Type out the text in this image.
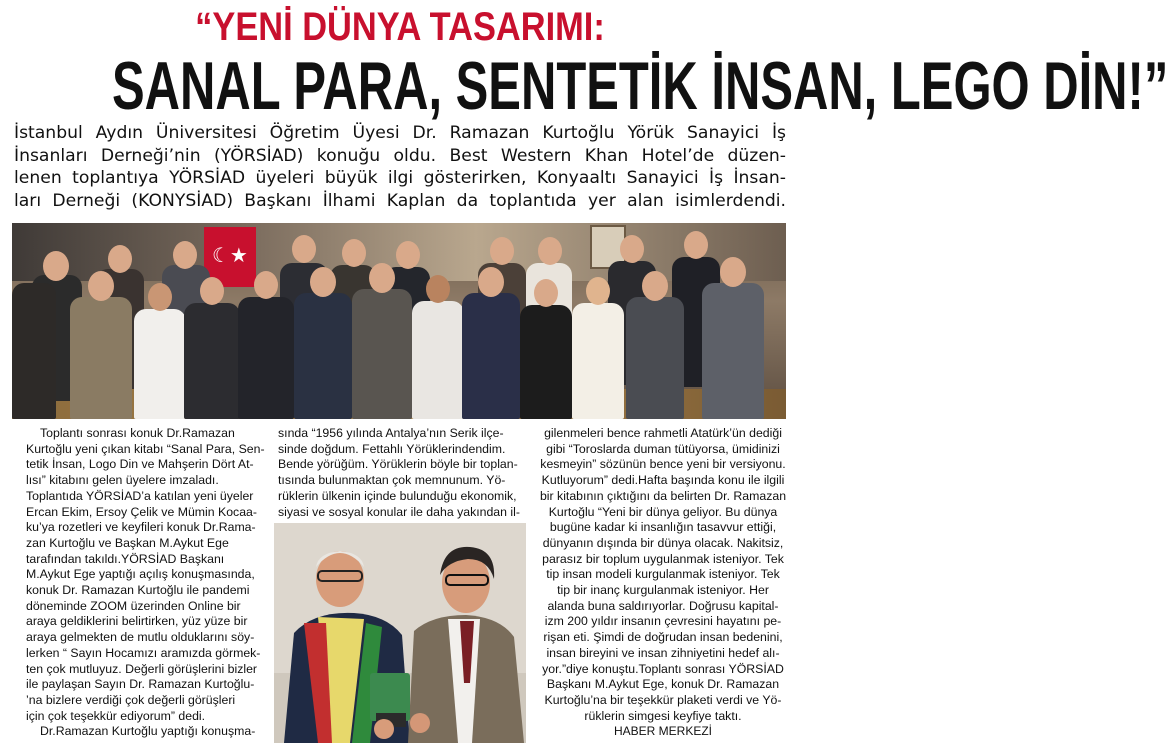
“YENİ DÜNYA TASARIMI:
SANAL PARA, SENTETİK İNSAN, LEGO DİN!”
İstanbul Aydın Üniversitesi Öğretim Üyesi Dr. Ramazan Kurtoğlu Yörük Sanayici İş
İnsanları Derneği’nin (YÖRSİAD) konuğu oldu. Best Western Khan Hotel’de düzen-
lenen toplantıya YÖRSİAD üyeleri büyük ilgi gösterirken, Konyaaltı Sanayici İş İnsan-
ları Derneği (KONYSİAD) Başkanı İlhami Kaplan da toplantıda yer alan isimlerdendi.
☾★
Toplantı sonrası konuk Dr.Ramazan
Kurtoğlu yeni çıkan kitabı “Sanal Para, Sen-
tetik İnsan, Logo Din ve Mahşerin Dört At-
lısı” kitabını gelen üyelere imzaladı.
Toplantıda YÖRSİAD’a katılan yeni üyeler
Ercan Ekim, Ersoy Çelik ve Mümin Kocaa-
ku’ya rozetleri ve keyfileri konuk Dr.Rama-
zan Kurtoğlu ve Başkan M.Aykut Ege
tarafından takıldı.YÖRSİAD Başkanı
M.Aykut Ege yaptığı açılış konuşmasında,
konuk Dr. Ramazan Kurtoğlu ile pandemi
döneminde ZOOM üzerinden Online bir
araya geldiklerini belirtirken, yüz yüze bir
araya gelmekten de mutlu olduklarını söy-
lerken “ Sayın Hocamızı aramızda görmek-
ten çok mutluyuz. Değerli görüşlerini bizler
ile paylaşan Sayın Dr. Ramazan Kurtoğlu-
’na bizlere verdiği çok değerli görüşleri
için çok teşekkür ediyorum” dedi.
Dr.Ramazan Kurtoğlu yaptığı konuşma-
sında “1956 yılında Antalya’nın Serik ilçe-
sinde doğdum. Fettahlı Yörüklerindendim.
Bende yörüğüm. Yörüklerin böyle bir toplan-
tısında bulunmaktan çok memnunum. Yö-
rüklerin ülkenin içinde bulunduğu ekonomik,
siyasi ve sosyal konular ile daha yakından il-
gilenmeleri bence rahmetli Atatürk’ün dediği
gibi “Toroslarda duman tütüyorsa, ümidinizi
kesmeyin” sözünün bence yeni bir versiyonu.
Kutluyorum” dedi.Hafta başında konu ile ilgili
bir kitabının çıktığını da belirten Dr. Ramazan
Kurtoğlu “Yeni bir dünya geliyor. Bu dünya
bugüne kadar ki insanlığın tasavvur ettiği,
dünyanın dışında bir dünya olacak. Nakitsiz,
parasız bir toplum uygulanmak isteniyor. Tek
tip insan modeli kurgulanmak isteniyor. Tek
tip bir inanç kurgulanmak isteniyor. Her
alanda buna saldırıyorlar. Doğrusu kapital-
izm 200 yıldır insanın çevresini hayatını pe-
rişan eti. Şimdi de doğrudan insan bedenini,
insan bireyini ve insan zihniyetini hedef alı-
yor.”diye konuştu.Toplantı sonrası YÖRSİAD
Başkanı M.Aykut Ege, konuk Dr. Ramazan
Kurtoğlu’na bir teşekkür plaketi verdi ve Yö-
rüklerin simgesi keyfiye taktı.
HABER MERKEZİ
